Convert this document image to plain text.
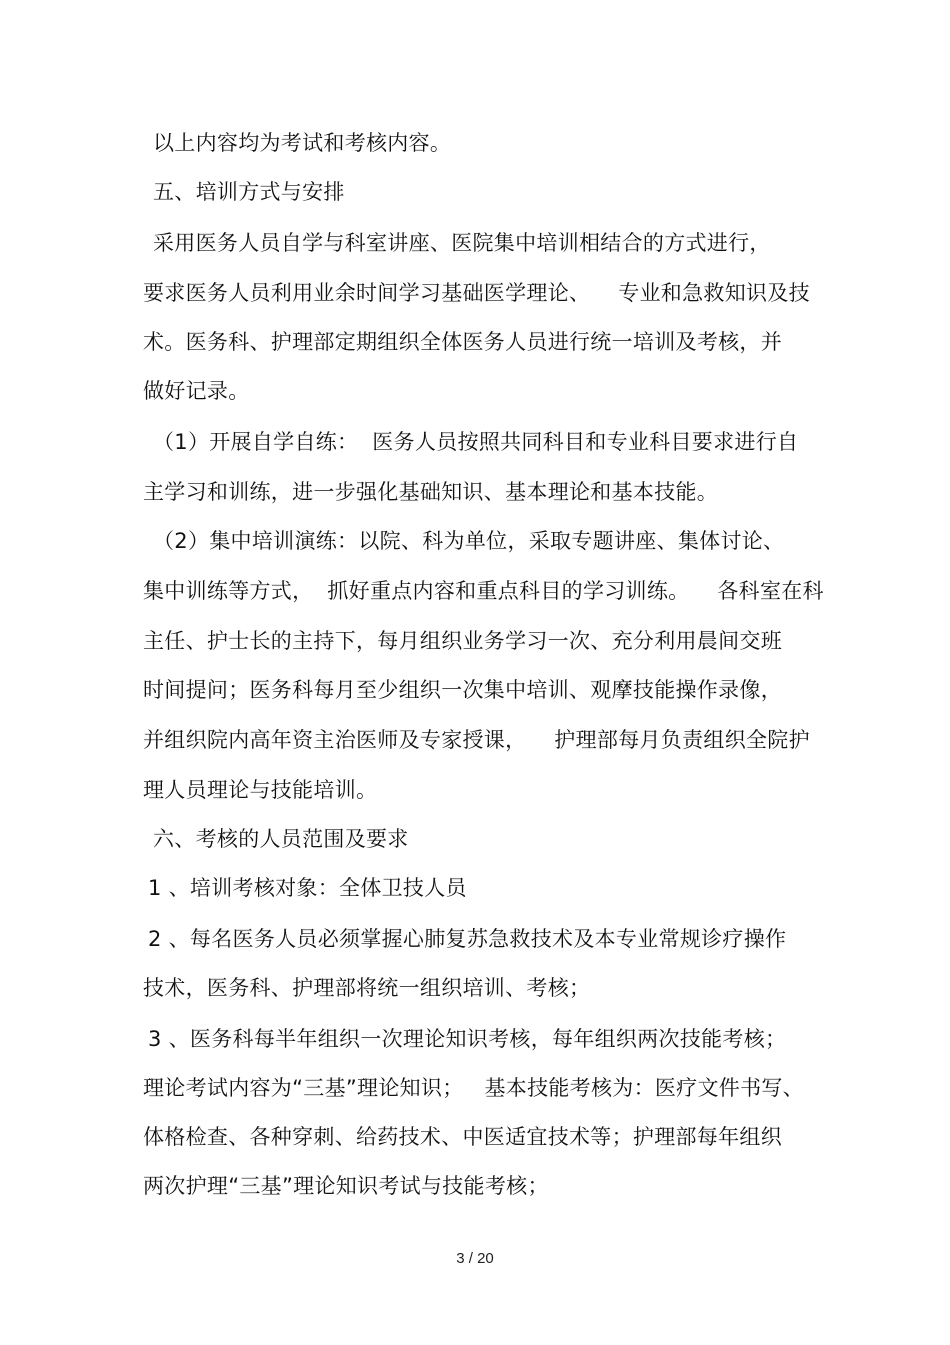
以上内容均为考试和考核内容。
五、培训方式与安排
采用医务人员自学与科室讲座、医院集中培训相结合的方式进行，
要求医务人员利用业余时间学习基础医学理论、    专业和急救知识及技
术。医务科、护理部定期组织全体医务人员进行统一培训及考核，并
做好记录。
（1）开展自学自练：  医务人员按照共同科目和专业科目要求进行自
主学习和训练，进一步强化基础知识、基本理论和基本技能。
（2）集中培训演练：以院、科为单位，采取专题讲座、集体讨论、
集中训练等方式，  抓好重点内容和重点科目的学习训练。    各科室在科
主任、护士长的主持下，每月组织业务学习一次、充分利用晨间交班
时间提问；医务科每月至少组织一次集中培训、观摩技能操作录像，
并组织院内高年资主治医师及专家授课，    护理部每月负责组织全院护
理人员理论与技能培训。
六、考核的人员范围及要求
1 、培训考核对象：全体卫技人员
2 、每名医务人员必须掌握心肺复苏急救技术及本专业常规诊疗操作
技术，医务科、护理部将统一组织培训、考核；
3 、医务科每半年组织一次理论知识考核，每年组织两次技能考核；
理论考试内容为“三基”理论知识；   基本技能考核为：医疗文件书写、
体格检查、各种穿刺、给药技术、中医适宜技术等；护理部每年组织
两次护理“三基”理论知识考试与技能考核；
3 / 20
